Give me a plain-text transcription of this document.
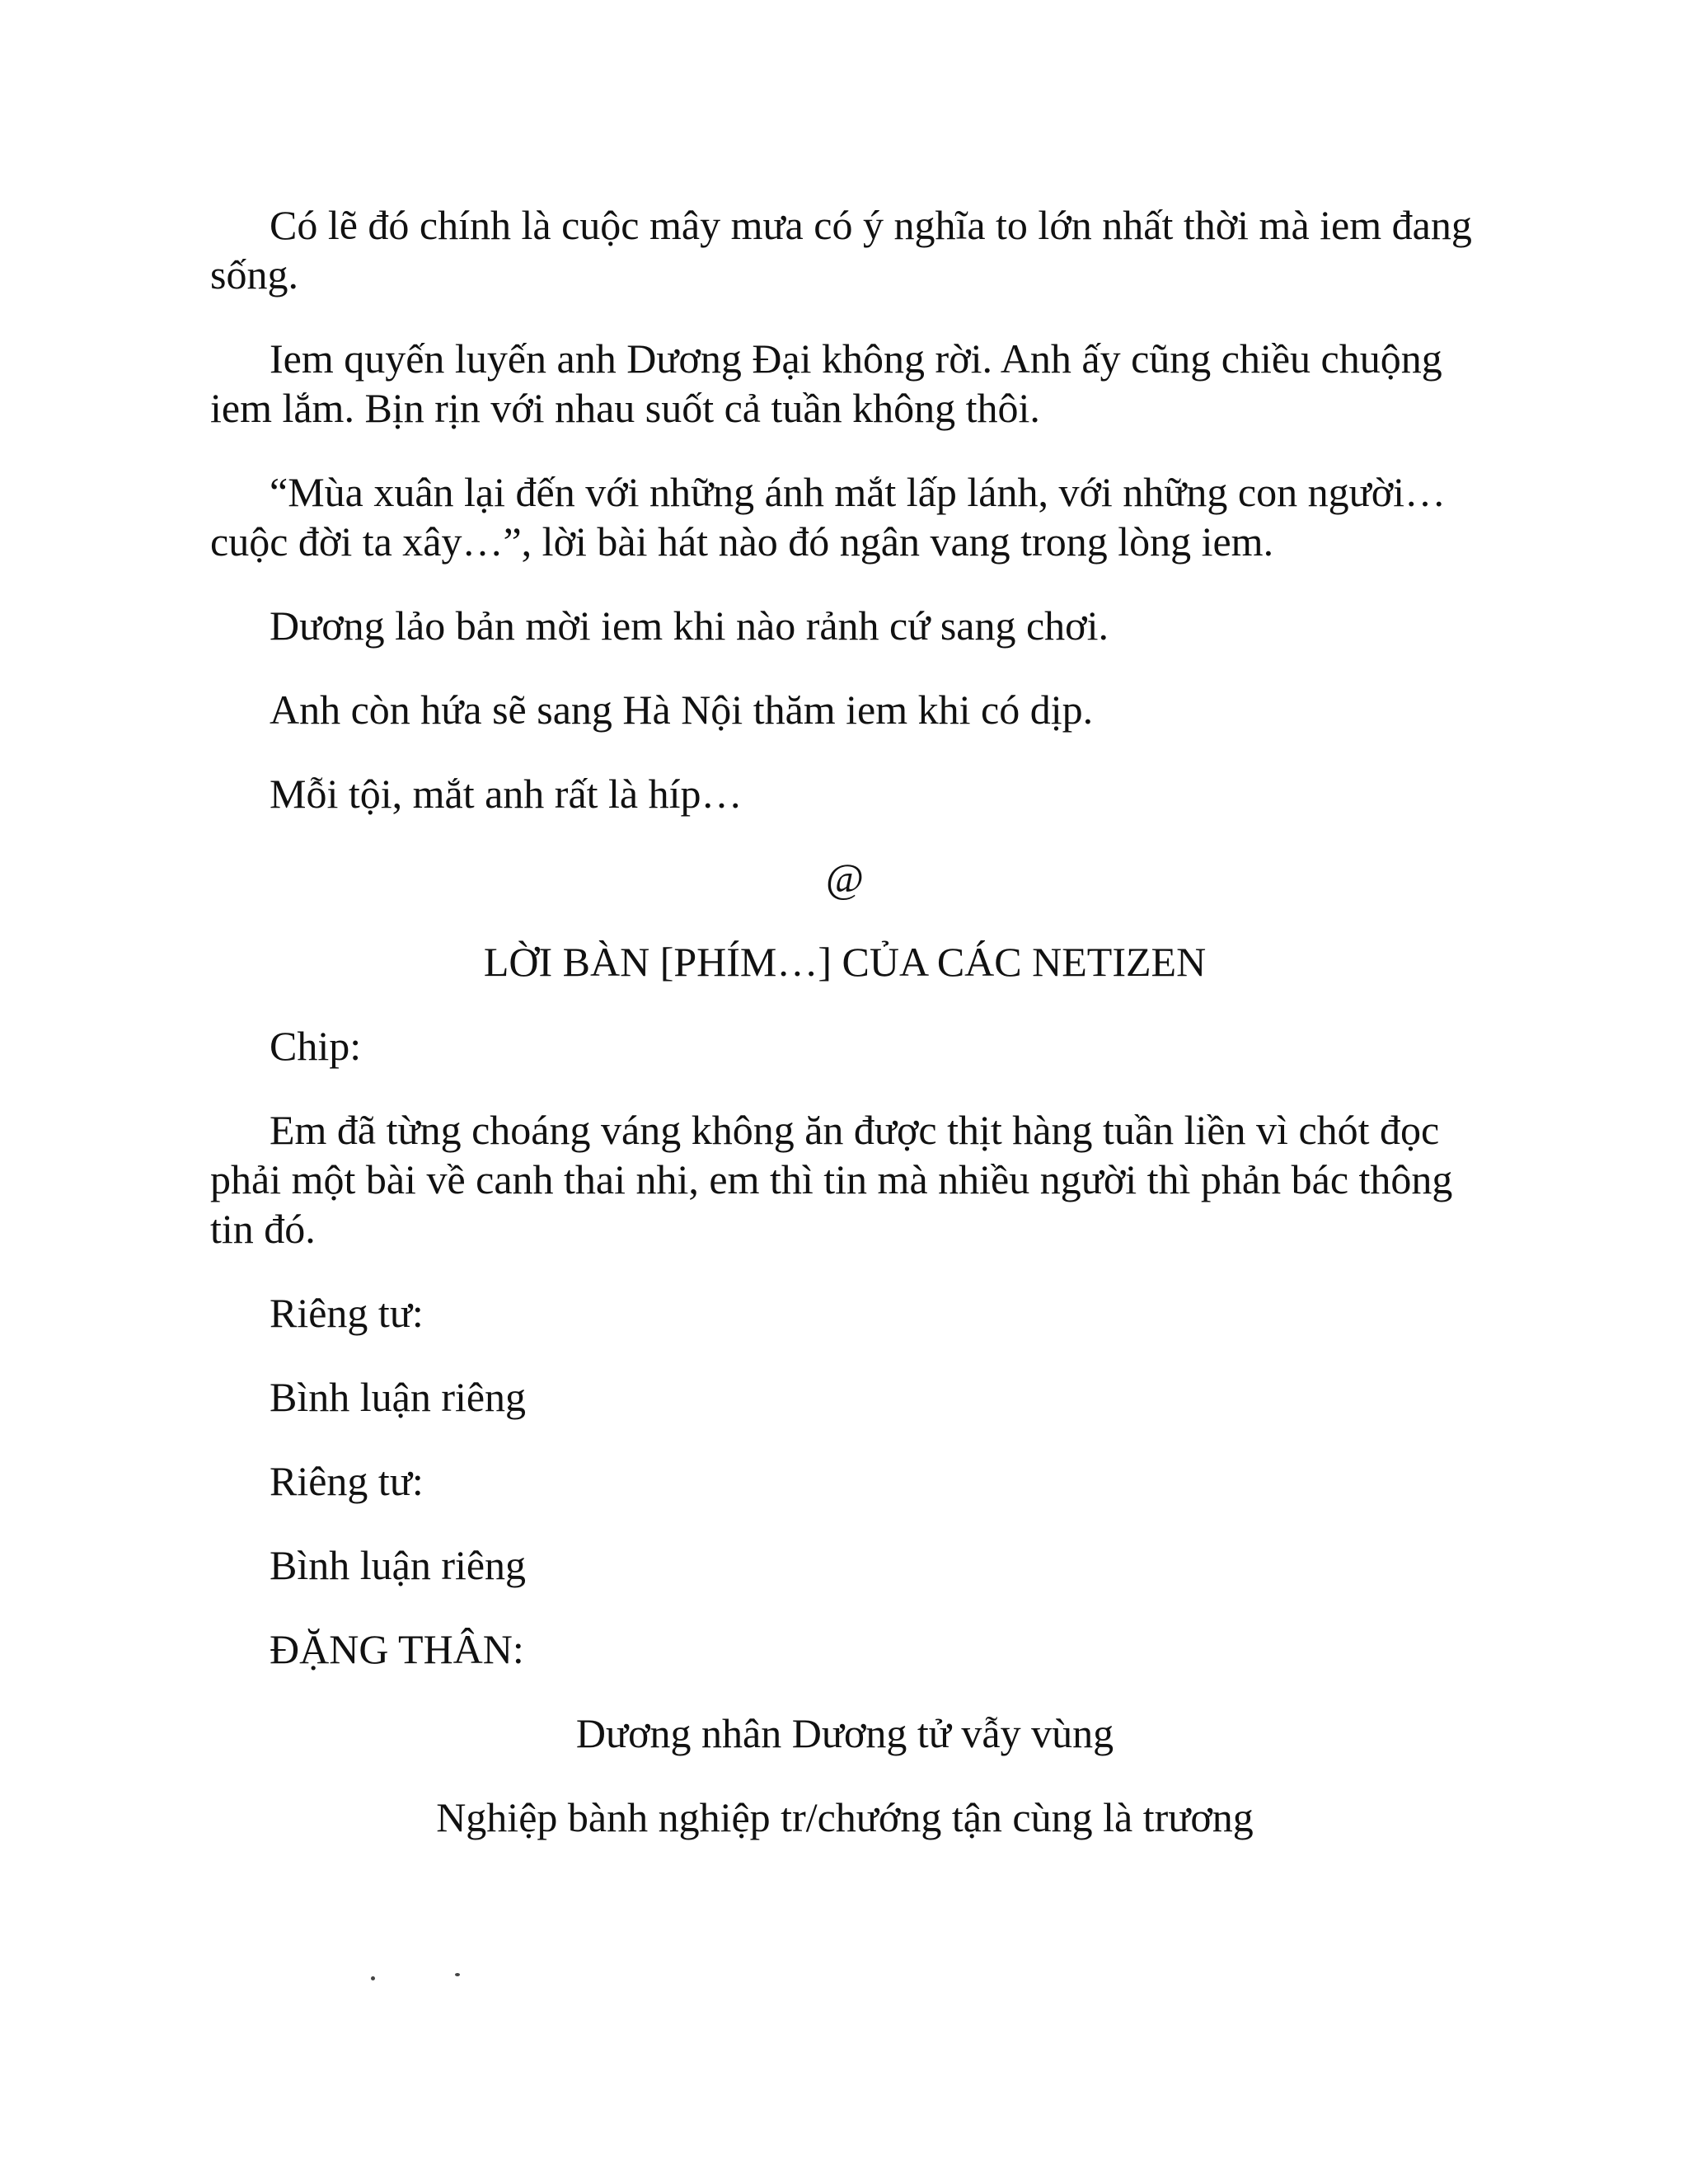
Có lẽ đó chính là cuộc mây mưa có ý nghĩa to lớn nhất thời mà iem đang sống.

Iem quyến luyến anh Dương Đại không rời. Anh ấy cũng chiều chuộng iem lắm. Bịn rịn với nhau suốt cả tuần không thôi.

“Mùa xuân lại đến với những ánh mắt lấp lánh, với những con người… cuộc đời ta xây…”, lời bài hát nào đó ngân vang trong lòng iem.

Dương lảo bản mời iem khi nào rảnh cứ sang chơi.

Anh còn hứa sẽ sang Hà Nội thăm iem khi có dịp.

Mỗi tội, mắt anh rất là híp…

@

LỜI BÀN [PHÍM…] CỦA CÁC NETIZEN

Chip:

Em đã từng choáng váng không ăn được thịt hàng tuần liền vì chót đọc phải một bài về canh thai nhi, em thì tin mà nhiều người thì phản bác thông tin đó.

Riêng tư:

Bình luận riêng

Riêng tư:

Bình luận riêng

ĐẶNG THÂN:

Dương nhân Dương tử vẫy vùng

Nghiệp bành nghiệp tr/chướng tận cùng là trương
